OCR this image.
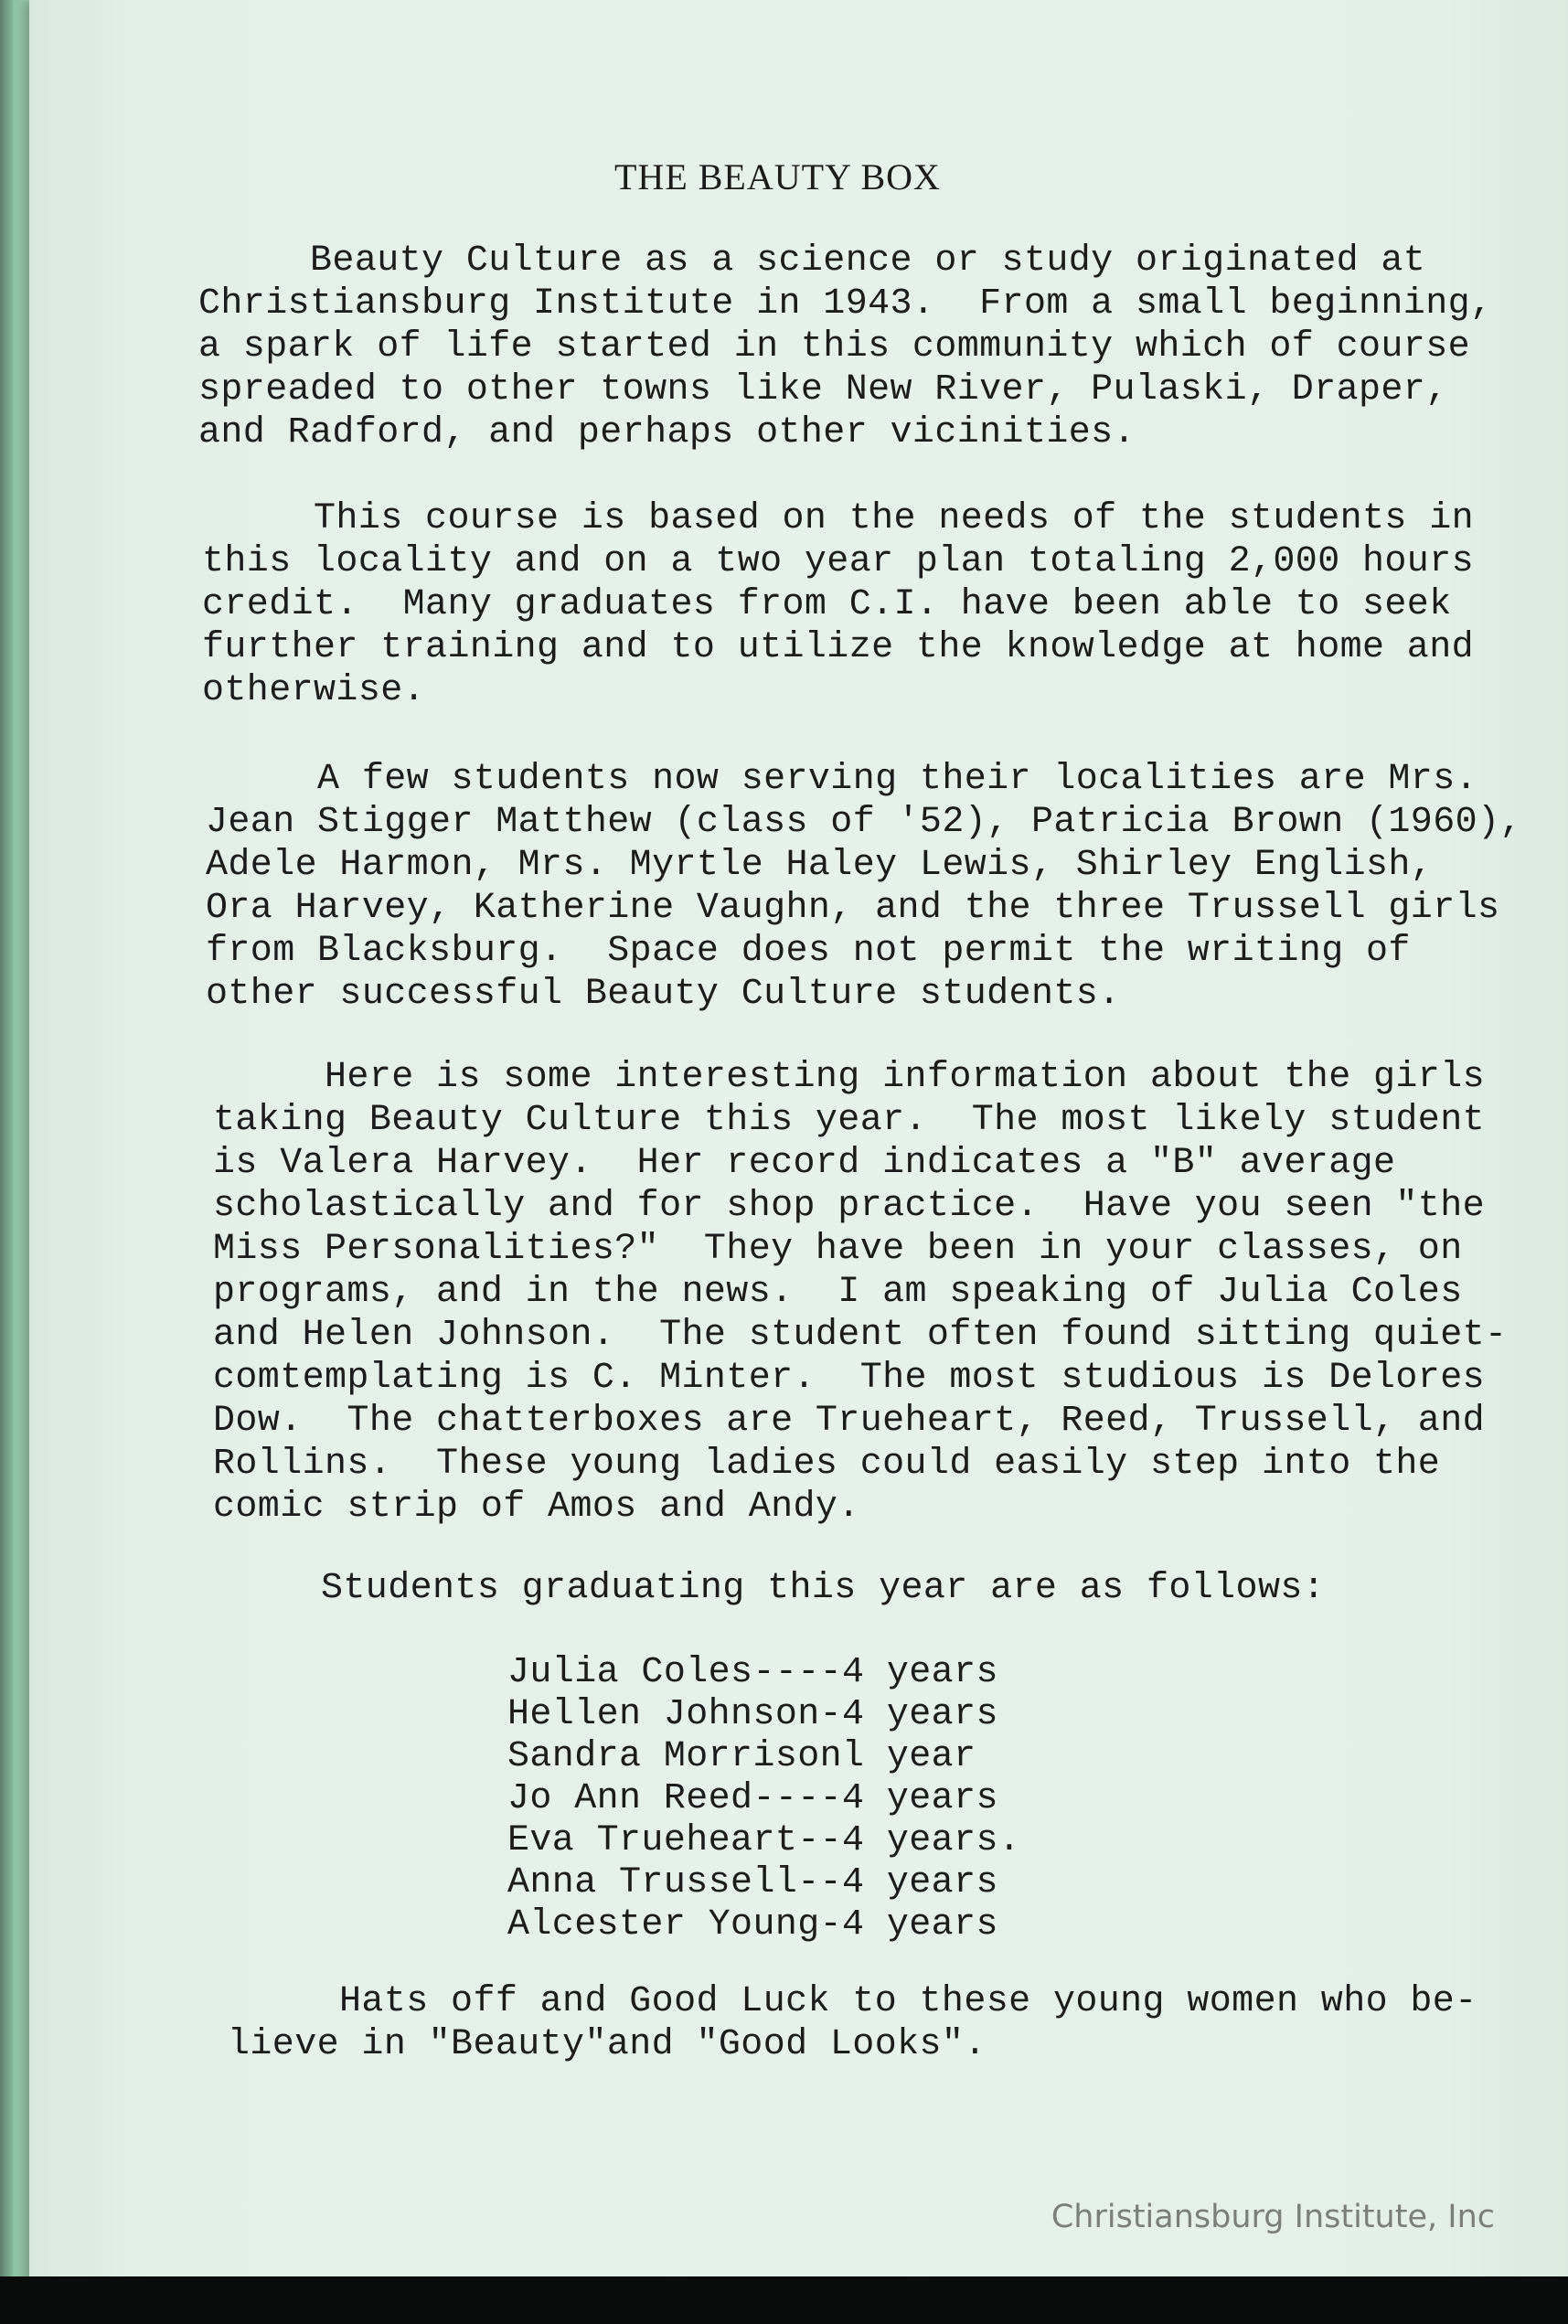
THE BEAUTY BOX
Beauty Culture as a science or study originated at
Christiansburg Institute in 1943.  From a small beginning,
a spark of life started in this community which of course
spreaded to other towns like New River, Pulaski, Draper,
and Radford, and perhaps other vicinities.
This course is based on the needs of the students in
this locality and on a two year plan totaling 2,000 hours
credit.  Many graduates from C.I. have been able to seek
further training and to utilize the knowledge at home and
otherwise.
A few students now serving their localities are Mrs.
Jean Stigger Matthew (class of '52), Patricia Brown (1960),
Adele Harmon, Mrs. Myrtle Haley Lewis, Shirley English,
Ora Harvey, Katherine Vaughn, and the three Trussell girls
from Blacksburg.  Space does not permit the writing of
other successful Beauty Culture students.
Here is some interesting information about the girls
taking Beauty Culture this year.  The most likely student
is Valera Harvey.  Her record indicates a "B" average
scholastically and for shop practice.  Have you seen "the
Miss Personalities?"  They have been in your classes, on
programs, and in the news.  I am speaking of Julia Coles
and Helen Johnson.  The student often found sitting quiet-
comtemplating is C. Minter.  The most studious is Delores
Dow.  The chatterboxes are Trueheart, Reed, Trussell, and
Rollins.  These young ladies could easily step into the
comic strip of Amos and Andy.
Students graduating this year are as follows:
Julia Coles----4 years
Hellen Johnson-4 years
Sandra Morrisonl year
Jo Ann Reed----4 years
Eva Trueheart--4 years.
Anna Trussell--4 years
Alcester Young-4 years
Hats off and Good Luck to these young women who be-
lieve in "Beauty"and "Good Looks".
Christiansburg Institute, Inc
